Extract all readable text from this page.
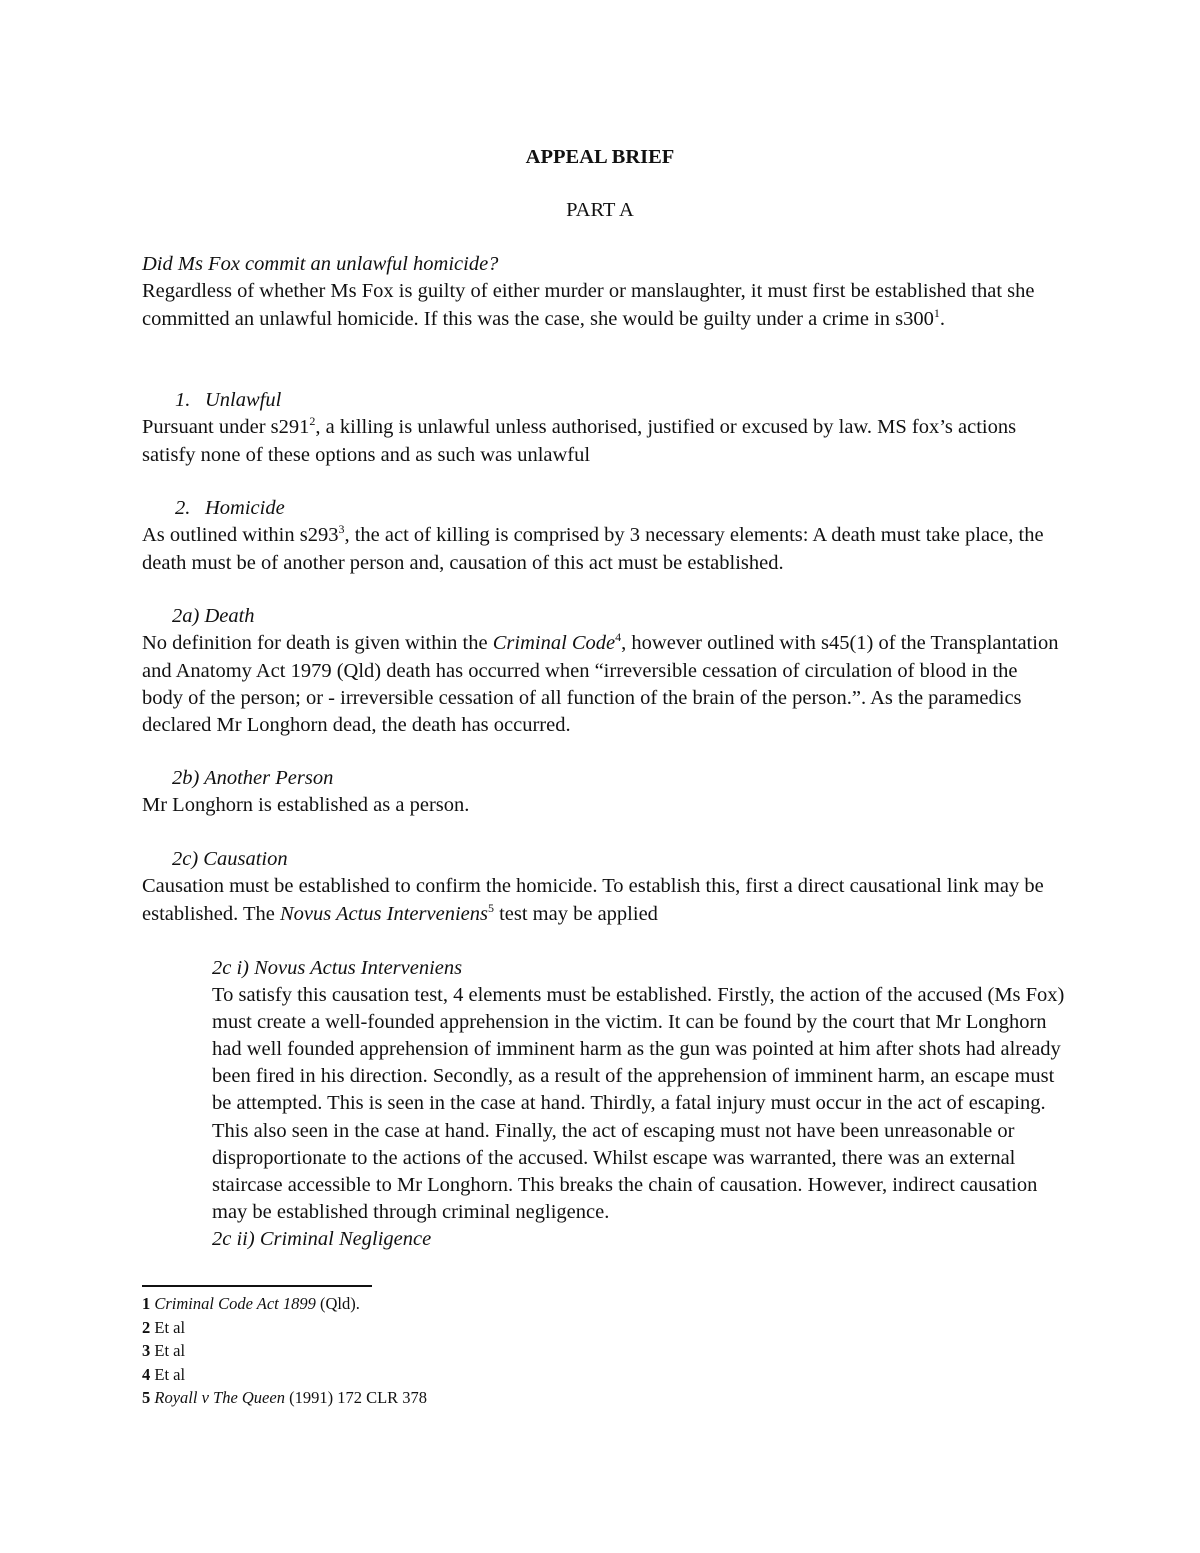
APPEAL BRIEF
PART A

Did Ms Fox commit an unlawful homicide?

Regardless of whether Ms Fox is guilty of either murder or manslaughter, it must first be established that she committed an unlawful homicide. If this was the case, she would be guilty under a crime in $s300^1$.

1. Unlawful

Pursuant under $s291^2$, a killing is unlawful unless authorised, justified or excused by law. MS fox’s actions satisfy none of these options and as such was unlawful

2. Homicide

As outlined within $s293^3$, the act of killing is comprised by 3 necessary elements: A death must take place, the death must be of another person and, causation of this act must be established.

2a) Death

No definition for death is given within the Criminal Code$^4$, however outlined with s45(1) of the Transplantation and Anatomy Act 1979 (Qld) death has occurred when “irreversible cessation of circulation of blood in the body of the person; or - irreversible cessation of all function of the brain of the person.”. As the paramedics declared Mr Longhorn dead, the death has occurred.

2b) Another Person

Mr Longhorn is established as a person.

2c) Causation

Causation must be established to confirm the homicide. To establish this, first a direct causational link may be established. The Novus Actus Interveniens$^5$ test may be applied

2c i) Novus Actus Interveniens

To satisfy this causation test, 4 elements must be established. Firstly, the action of the accused (Ms Fox) must create a well-founded apprehension in the victim. It can be found by the court that Mr Longhorn had well founded apprehension of imminent harm as the gun was pointed at him after shots had already been fired in his direction. Secondly, as a result of the apprehension of imminent harm, an escape must be attempted. This is seen in the case at hand. Thirdly, a fatal injury must occur in the act of escaping. This also seen in the case at hand. Finally, the act of escaping must not have been unreasonable or disproportionate to the actions of the accused. Whilst escape was warranted, there was an external staircase accessible to Mr Longhorn. This breaks the chain of causation. However, indirect causation may be established through criminal negligence.

2c ii) Criminal Negligence

1 Criminal Code Act 1899 (Qld).
2 Et al
3 Et al
4 Et al
5 Royall v The Queen (1991) 172 CLR 378
